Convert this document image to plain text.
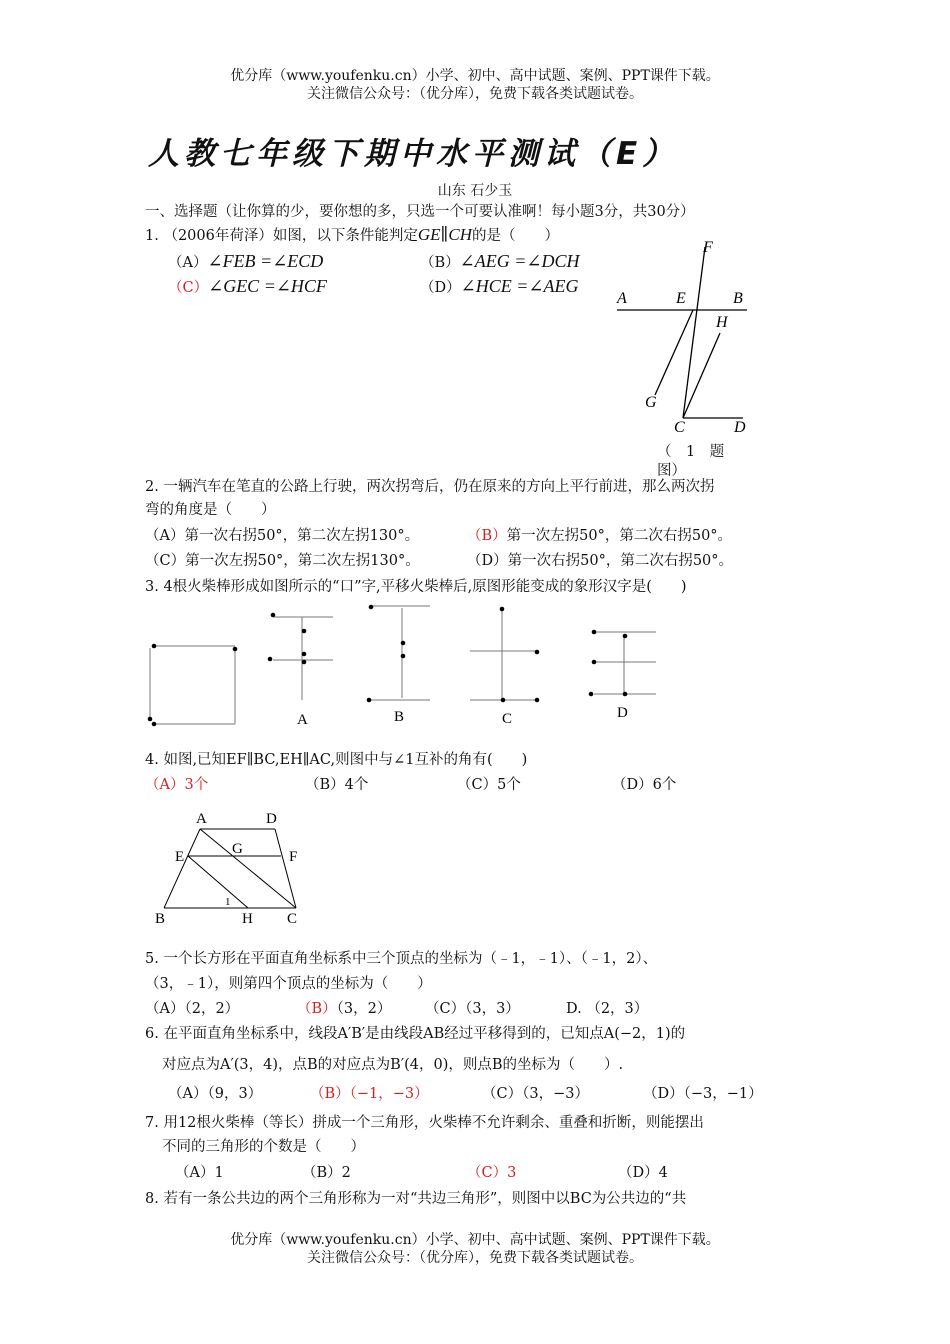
优分库（www.youfenku.cn）小学、初中、高中试题、案例、PPT课件下载。
关注微信公众号：（优分库），免费下载各类试题试卷。
人教七年级下期中水平测试（E）
山东 石少玉
一、选择题（让你算的少，要你想的多，只选一个可要认准啊！每小题3分，共30分）
1. （2006年荷泽）如图，以下条件能判定GE∥CH的是（　　）
（A）∠FEB =∠ECD	（B）∠AEG =∠DCH
（C）∠GEC =∠HCF	（D）∠HCE =∠AEG
F
A	E	B
H
G
C	D
（　1　题
图）
2. 一辆汽车在笔直的公路上行驶，两次拐弯后，仍在原来的方向上平行前进，那么两次拐
弯的角度是（　　）
（A）第一次右拐50°，第二次左拐130°。	（B）第一次左拐50°，第二次右拐50°。
（C）第一次左拐50°，第二次左拐130°。	（D）第一次右拐50°，第二次右拐50°。
3. 4根火柴棒形成如图所示的“口”字,平移火柴棒后,原图形能变成的象形汉字是(　　)
A	B	C	D
4. 如图,已知EF∥BC,EH∥AC,则图中与∠1互补的角有(　　)
（A）3个	（B）4个	（C）5个	（D）6个
A	D
E	G	F
B
1
H C
5. 一个长方形在平面直角坐标系中三个顶点的坐标为（﹣1，﹣1）、（﹣1，2）、
（3，﹣1），则第四个顶点的坐标为（　　）
（A）（2，2）	（B）（3，2） （C）（3，3）	D. （2，3）
6. 在平面直角坐标系中，线段A′B′是由线段AB经过平移得到的，已知点A(−2，1)的
对应点为A′(3，4)，点B的对应点为B′(4，0)，则点B的坐标为（　　）.
（A）（9，3）	（B）（−1，−3）	（C）（3，−3）	（D）（−3，−1）
7. 用12根火柴棒（等长）拼成一个三角形，火柴棒不允许剩余、重叠和折断，则能摆出
不同的三角形的个数是（　　）
（A）1	（B）2	（C）3	（D）4
8. 若有一条公共边的两个三角形称为一对“共边三角形”，则图中以BC为公共边的“共
优分库（www.youfenku.cn）小学、初中、高中试题、案例、PPT课件下载。
关注微信公众号：（优分库），免费下载各类试题试卷。
